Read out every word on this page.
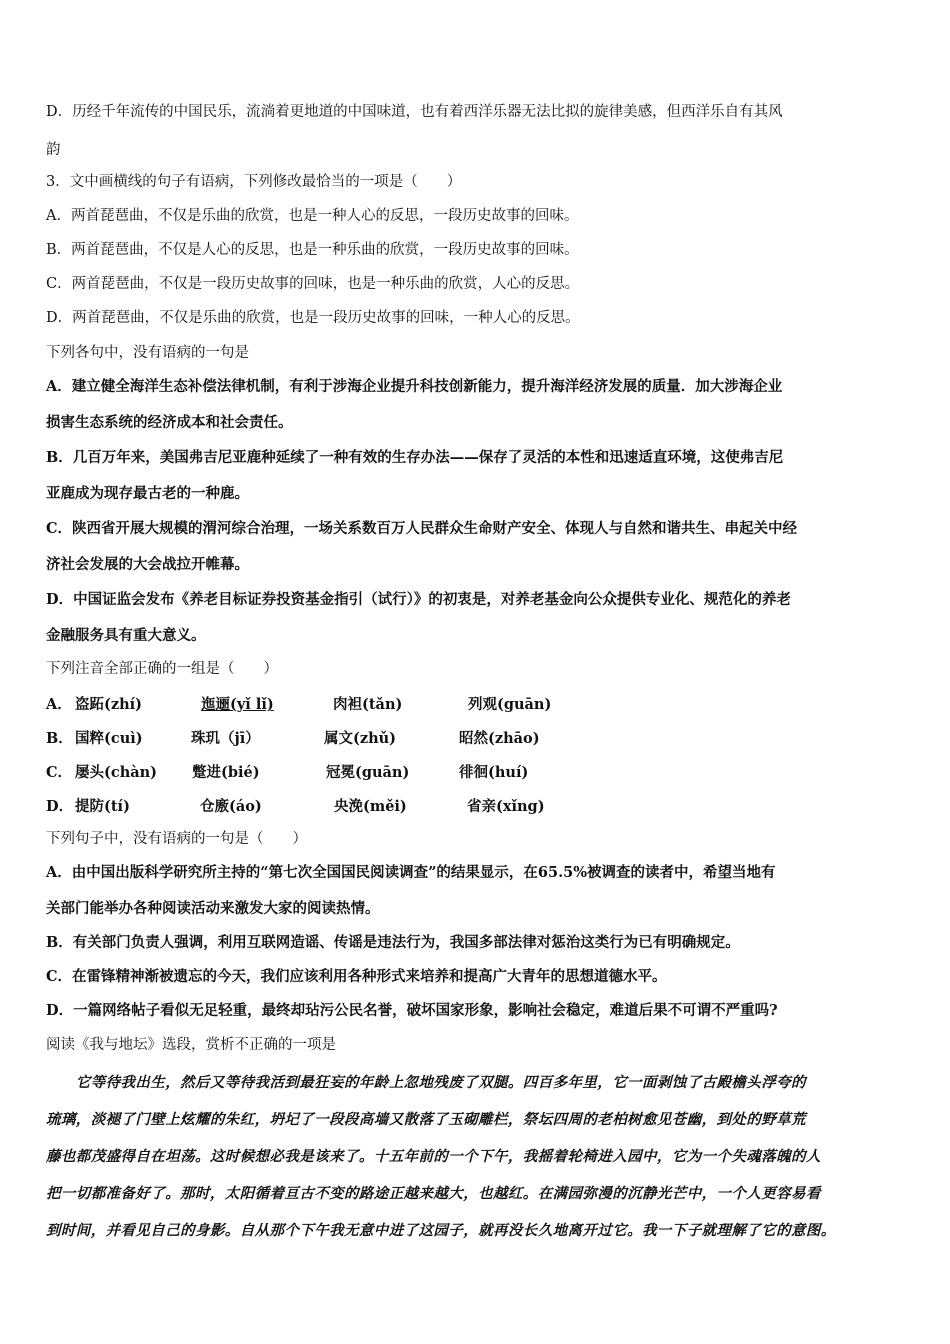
D．历经千年流传的中国民乐，流淌着更地道的中国味道，也有着西洋乐器无法比拟的旋律美感，但西洋乐自有其风
韵
3．文中画横线的句子有语病，下列修改最恰当的一项是（　　）
A．两首琵琶曲，不仅是乐曲的欣赏，也是一种人心的反思，一段历史故事的回味。
B．两首琵琶曲，不仅是人心的反思，也是一种乐曲的欣赏，一段历史故事的回味。
C．两首琵琶曲，不仅是一段历史故事的回味，也是一种乐曲的欣赏，人心的反思。
D．两首琵琶曲，不仅是乐曲的欣赏，也是一段历史故事的回味，一种人心的反思。
下列各句中，没有语病的一句是
A．建立健全海洋生态补偿法律机制，有利于涉海企业提升科技创新能力，提升海洋经济发展的质量．加大涉海企业
损害生态系统的经济成本和社会责任。
B．几百万年来，美国弗吉尼亚鹿种延续了一种有效的生存办法——保存了灵活的本性和迅速适直环境，这使弗吉尼
亚鹿成为现存最古老的一种鹿。
C．陕西省开展大规模的渭河综合治理，一场关系数百万人民群众生命财产安全、体现人与自然和谐共生、串起关中经
济社会发展的大会战拉开帷幕。
D．中国证监会发布《养老目标证券投资基金指引（试行）》的初衷是，对养老基金向公众提供专业化、规范化的养老
金融服务具有重大意义。
下列注音全部正确的一组是（　　）
A． 盗跖(zhí)	迤逦(yǐ lǐ)	肉袒(tǎn)	列观(guān)
B． 国粹(cuì)	珠玑（jī）	属文(zhǔ)	昭然(zhāo)
C． 屡头(chàn) 蹩进(bié)	冠冕(guān)	徘徊(huí)
D． 提防(tí)	仓廒(áo)	央浼(měi)	省亲(xǐng)
下列句子中，没有语病的一句是（　　）
A．由中国出版科学研究所主持的“第七次全国国民阅读调查”的结果显示，在65.5%被调查的读者中，希望当地有
关部门能举办各种阅读活动来激发大家的阅读热情。
B．有关部门负责人强调，利用互联网造谣、传谣是违法行为，我国多部法律对惩治这类行为已有明确规定。
C．在雷锋精神渐被遗忘的今天，我们应该利用各种形式来培养和提高广大青年的思想道德水平。
D．一篇网络帖子看似无足轻重，最终却玷污公民名誉，破坏国家形象，影响社会稳定，难道后果不可谓不严重吗?
阅读《我与地坛》选段，赏析不正确的一项是
　　它等待我出生，然后又等待我活到最狂妄的年龄上忽地残废了双腿。四百多年里，它一面剥蚀了古殿檐头浮夸的
琉璃，淡褪了门壁上炫耀的朱红，坍圮了一段段高墙又散落了玉砌雕栏，祭坛四周的老柏树愈见苍幽，到处的野草荒
藤也都茂盛得自在坦荡。这时候想必我是该来了。十五年前的一个下午，我摇着轮椅进入园中，它为一个失魂落魄的人
把一切都准备好了。那时，太阳循着亘古不变的路途正越来越大，也越红。在满园弥漫的沉静光芒中，一个人更容易看
到时间，并看见自己的身影。自从那个下午我无意中进了这园子，就再没长久地离开过它。我一下子就理解了它的意图。
